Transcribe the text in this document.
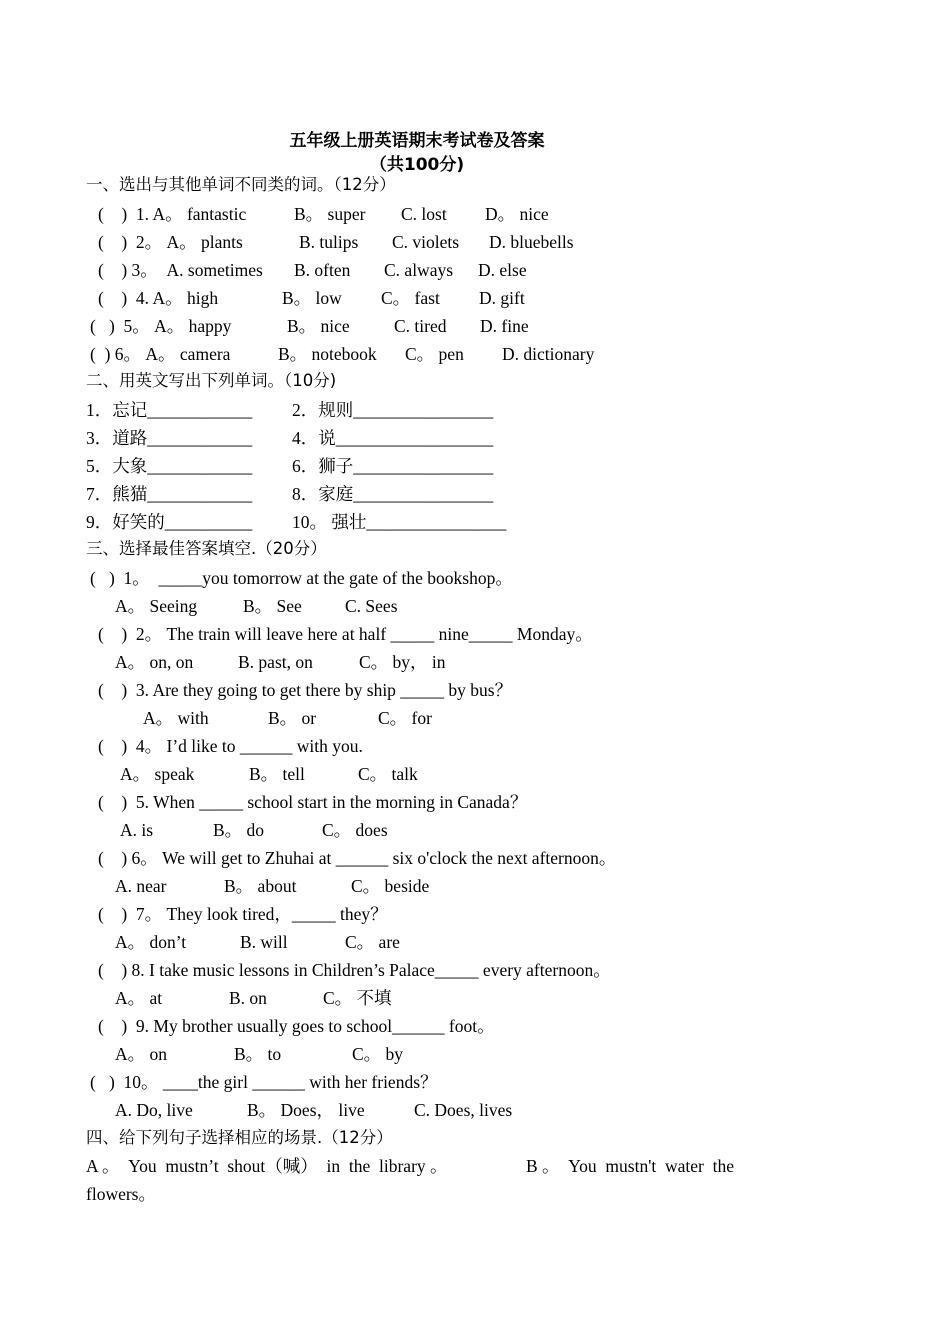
五年级上册英语期末考试卷及答案
（共100分)
一、选出与其他单词不同类的词。（12分）
(    )  1. A。 fantastic	B。 super C. lost D。 nice
(    )  2。 A。 plants	B. tulips C. violets D. bluebells
(    ) 3。  A. sometimes B. often C. always D. else
(    )  4. A。 high	B。 low C。 fast D. gift
(   )  5。 A。 happy	B。 nice	C. tired D. fine
(  ) 6。 A。 camera	B。 notebook C。 pen D. dictionary
二、用英文写出下列单词。（10分)
1．忘记____________ 2．规则________________
3．道路____________ 4．说__________________
5．大象____________ 6．狮子________________
7．熊猫____________ 8．家庭________________
9．好笑的__________ 10。 强壮________________
三、选择最佳答案填空.（20分）
(   )  1。  _____you tomorrow at the gate of the bookshop。
A。 Seeing	B。 See C. Sees
(    )  2。 The train will leave here at half _____ nine_____ Monday。
A。 on, on	B. past, on	C。 by， in
(    )  3. Are they going to get there by ship _____ by bus？
A。 with	B。 or	C。 for
(    )  4。 I’d like to ______ with you.
A。 speak	B。 tell	C。 talk
(    )  5. When _____ school start in the morning in Canada？
A. is	B。 do	C。 does
(    ) 6。 We will get to Zhuhai at ______ six o'clock the next afternoon。
A. near	B。 about	C。 beside
(    )  7。 They look tired，_____ they？
A。 don’t	B. will	C。 are
(    ) 8. I take music lessons in Children’s Palace_____ every afternoon。
A。 at	B. on	C。 不填
(    )  9. My brother usually goes to school______ foot。
A。 on	B。 to	C。 by
(   )  10。 ____the girl ______ with her friends？
A. Do, live	B。 Does， live	C. Does, lives
四、给下列句子选择相应的场景.（12分）
A 。  You  mustn’t  shout（喊）  in  the  library 。	B 。  You  mustn't  water  the
flowers。
